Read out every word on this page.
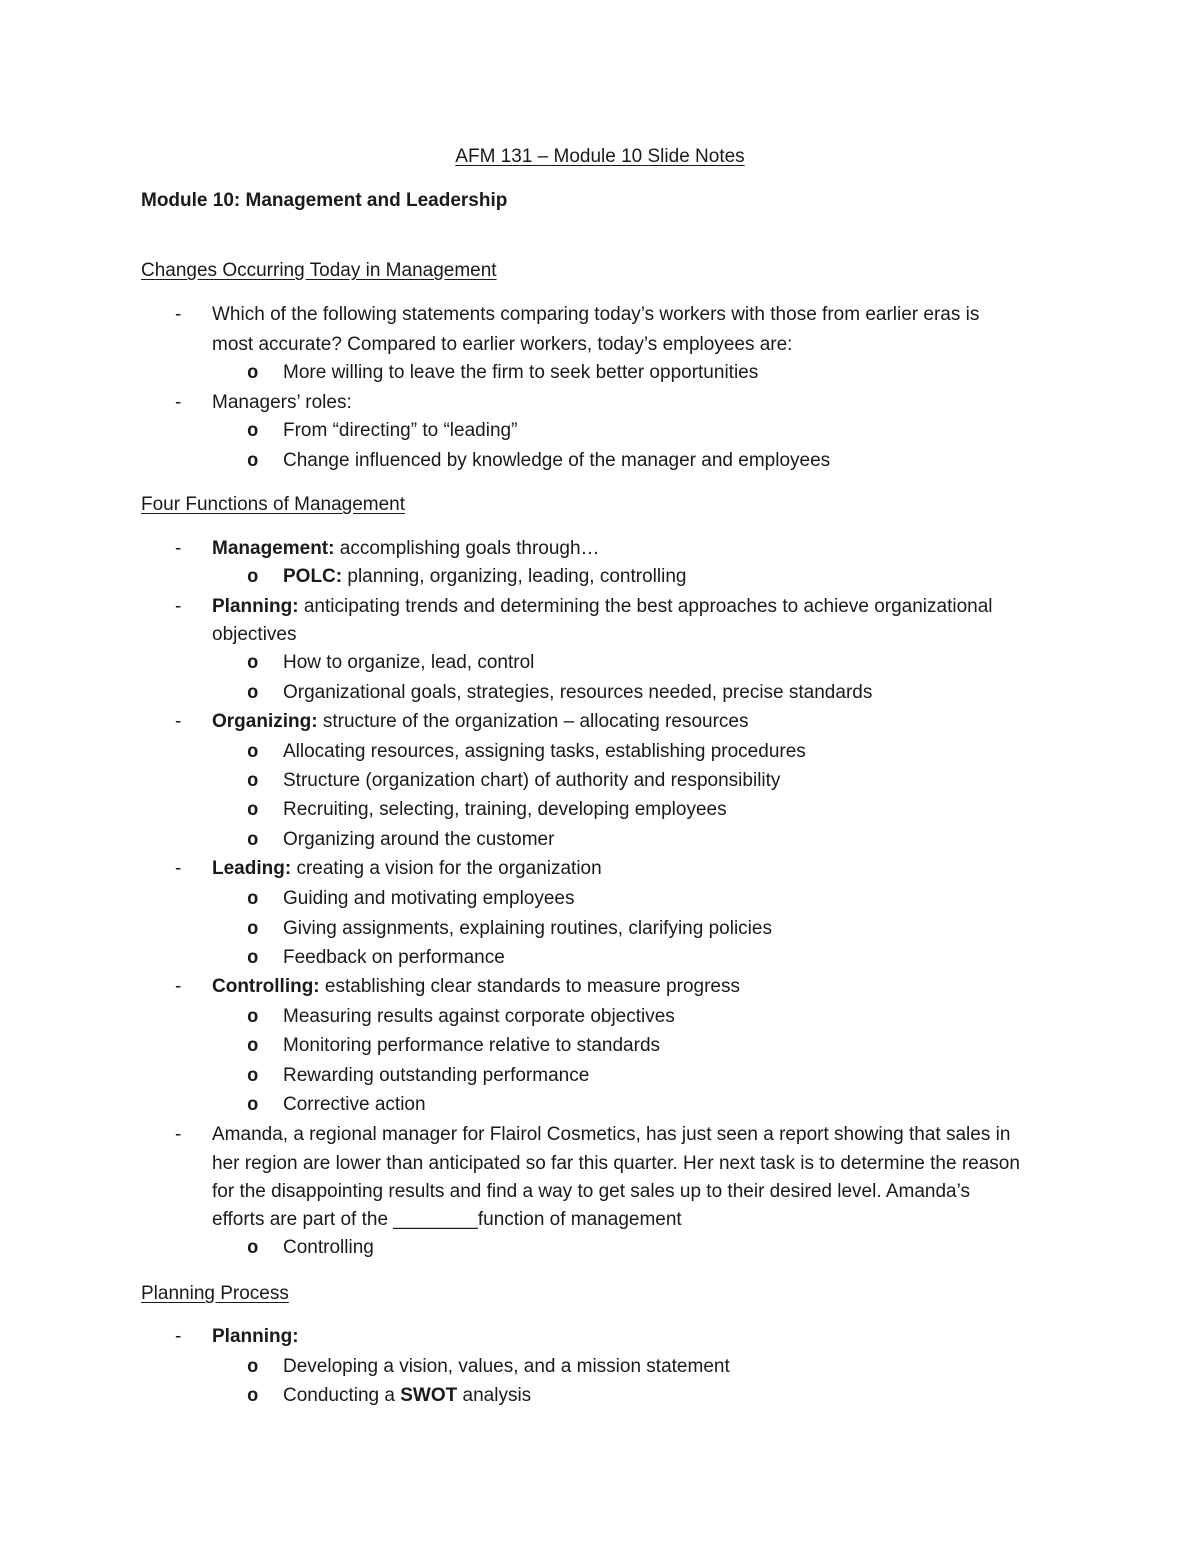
AFM 131 – Module 10 Slide Notes
Module 10: Management and Leadership
Changes Occurring Today in Management
- Which of the following statements comparing today’s workers with those from earlier eras is
most accurate? Compared to earlier workers, today’s employees are:
o More willing to leave the firm to seek better opportunities
- Managers’ roles:
o From “directing” to “leading”
o Change influenced by knowledge of the manager and employees
Four Functions of Management
- Management: accomplishing goals through…
o POLC: planning, organizing, leading, controlling
- Planning: anticipating trends and determining the best approaches to achieve organizational
objectives
o How to organize, lead, control
o Organizational goals, strategies, resources needed, precise standards
- Organizing: structure of the organization – allocating resources
o Allocating resources, assigning tasks, establishing procedures
o Structure (organization chart) of authority and responsibility
o Recruiting, selecting, training, developing employees
o Organizing around the customer
- Leading: creating a vision for the organization
o Guiding and motivating employees
o Giving assignments, explaining routines, clarifying policies
o Feedback on performance
- Controlling: establishing clear standards to measure progress
o Measuring results against corporate objectives
o Monitoring performance relative to standards
o Rewarding outstanding performance
o Corrective action
- Amanda, a regional manager for Flairol Cosmetics, has just seen a report showing that sales in
her region are lower than anticipated so far this quarter. Her next task is to determine the reason
for the disappointing results and find a way to get sales up to their desired level. Amanda’s
efforts are part of the ________function of management
o Controlling
Planning Process
- Planning:
o Developing a vision, values, and a mission statement
o Conducting a SWOT analysis
